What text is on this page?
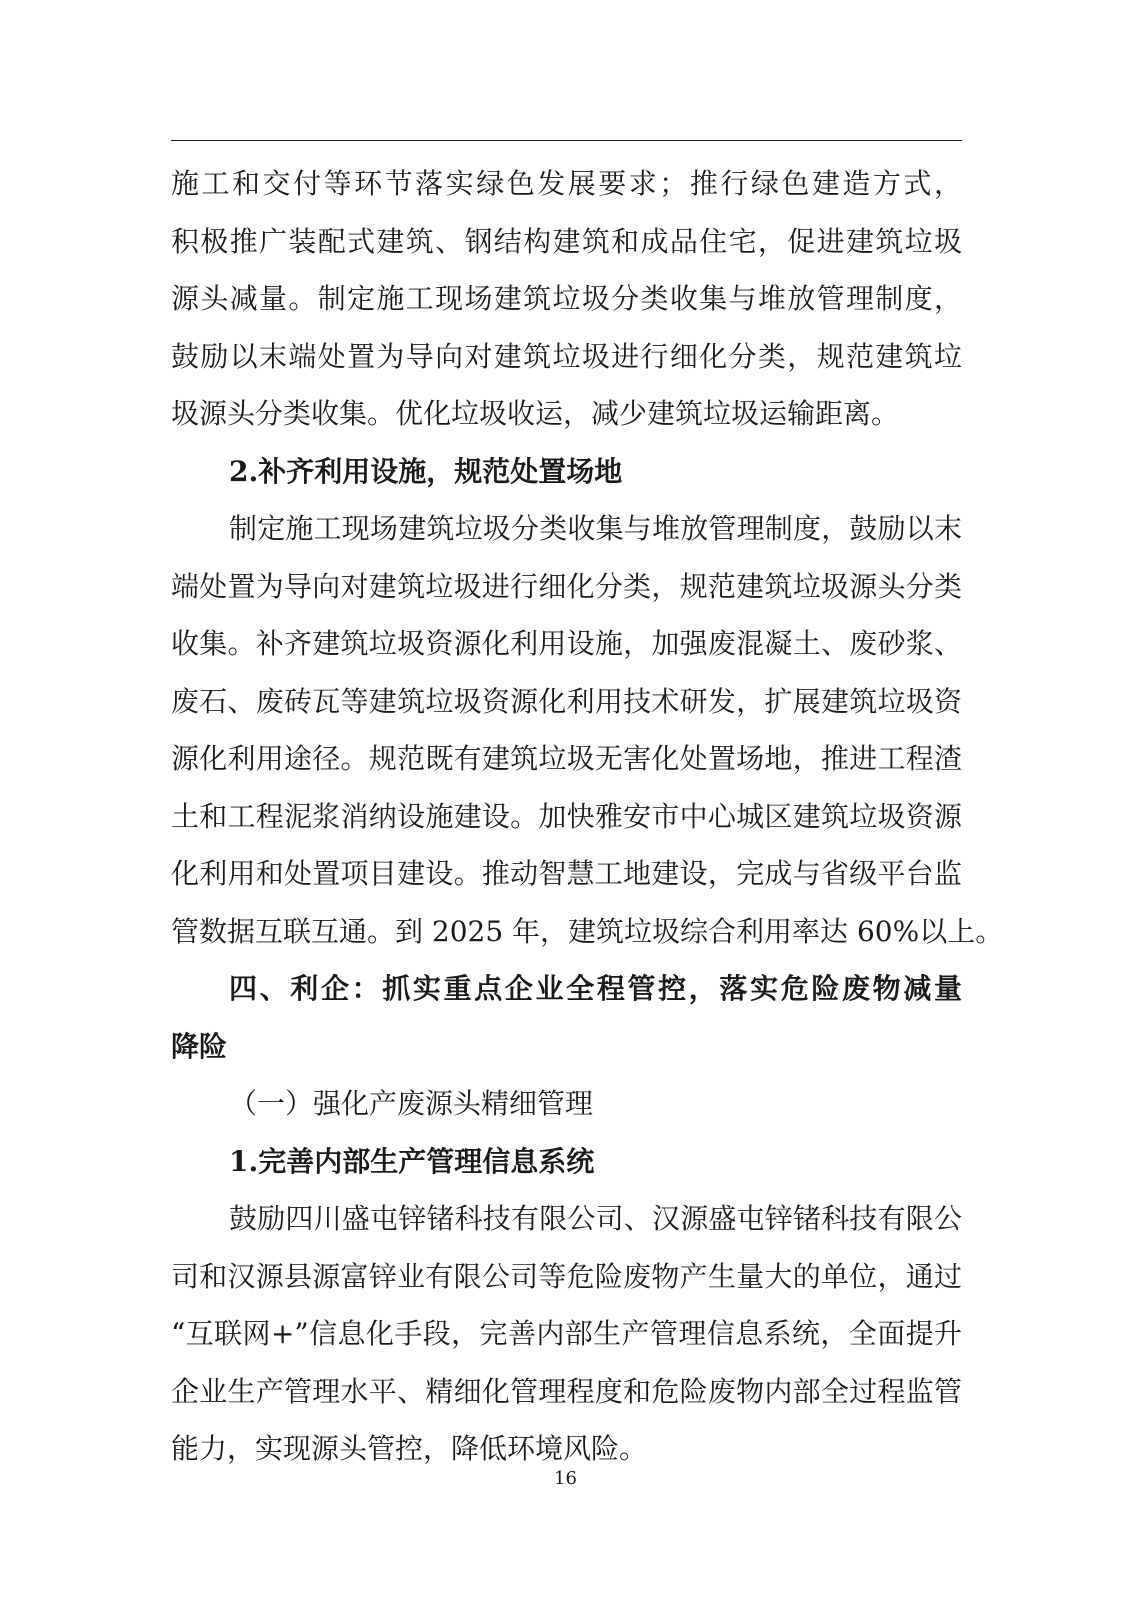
施工和交付等环节落实绿色发展要求；推行绿色建造方式，
积极推广装配式建筑、钢结构建筑和成品住宅，促进建筑垃圾
源头减量。制定施工现场建筑垃圾分类收集与堆放管理制度，
鼓励以末端处置为导向对建筑垃圾进行细化分类，规范建筑垃
圾源头分类收集。优化垃圾收运，减少建筑垃圾运输距离。
2.补齐利用设施，规范处置场地
制定施工现场建筑垃圾分类收集与堆放管理制度，鼓励以末
端处置为导向对建筑垃圾进行细化分类，规范建筑垃圾源头分类
收集。补齐建筑垃圾资源化利用设施，加强废混凝土、废砂浆、
废石、废砖瓦等建筑垃圾资源化利用技术研发，扩展建筑垃圾资
源化利用途径。规范既有建筑垃圾无害化处置场地，推进工程渣
土和工程泥浆消纳设施建设。加快雅安市中心城区建筑垃圾资源
化利用和处置项目建设。推动智慧工地建设，完成与省级平台监
管数据互联互通。到 2025 年，建筑垃圾综合利用率达 60%以上。
四、利企：抓实重点企业全程管控，落实危险废物减量
降险
（一）强化产废源头精细管理
1.完善内部生产管理信息系统
鼓励四川盛屯锌锗科技有限公司、汉源盛屯锌锗科技有限公
司和汉源县源富锌业有限公司等危险废物产生量大的单位，通过
“互联网+”信息化手段，完善内部生产管理信息系统，全面提升
企业生产管理水平、精细化管理程度和危险废物内部全过程监管
能力，实现源头管控，降低环境风险。
16
